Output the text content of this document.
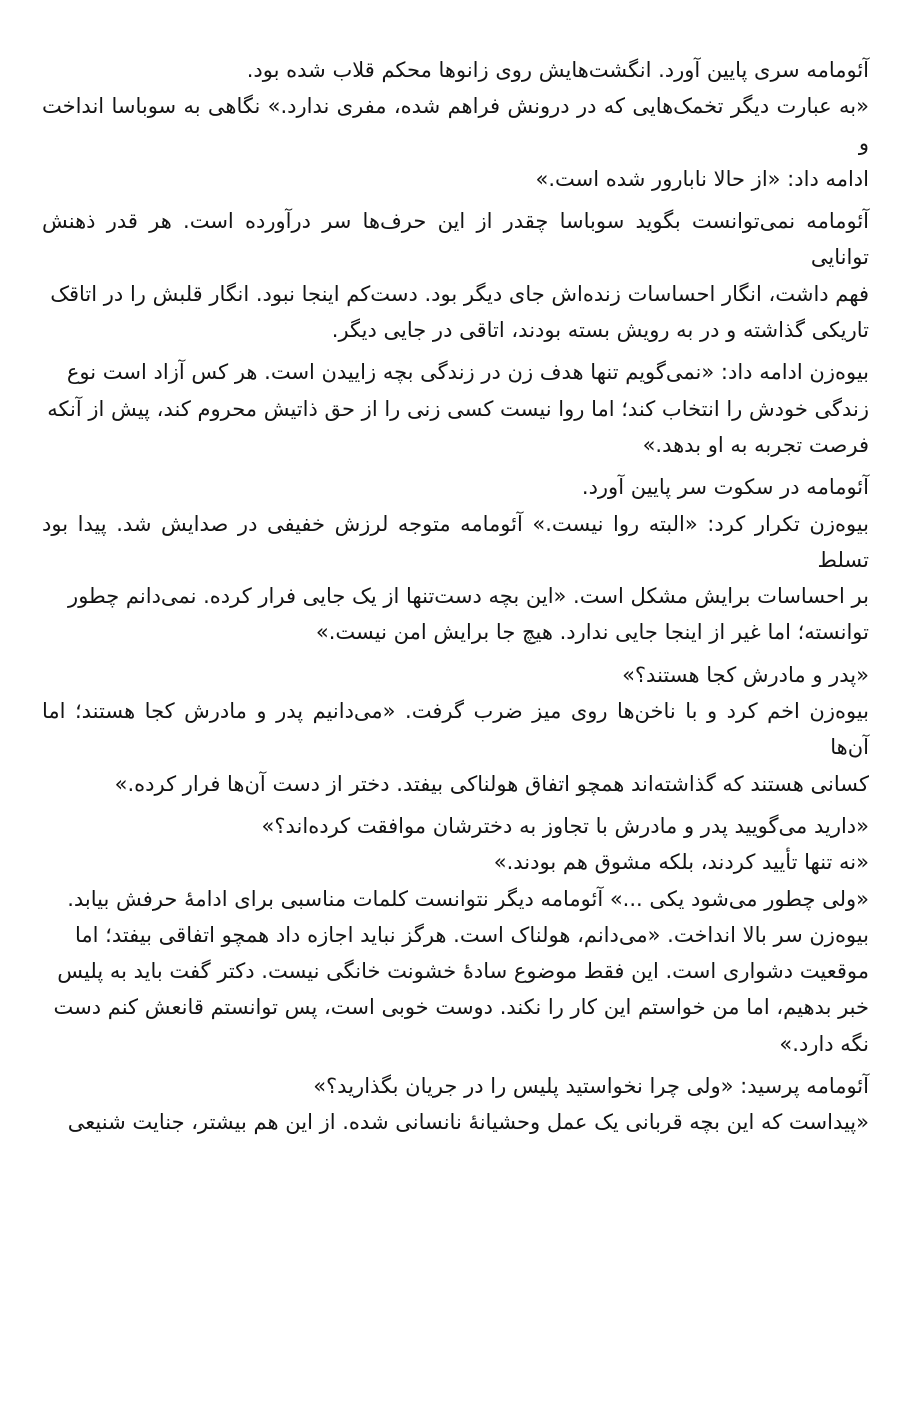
آئومامه سری پایین آورد. انگشت‌هایش روی زانوها محکم قلاب شده بود.
«به عبارت دیگر تخمک‌هایی که در درونش فراهم شده، مفری ندارد.» نگاهی به سوباسا انداخت و
ادامه داد: «از حالا نابارور شده است.»
آئومامه نمی‌توانست بگوید سوباسا چقدر از این حرف‌ها سر درآورده است. هر قدر ذهنش توانایی
فهم داشت، انگار احساسات زنده‌اش جای دیگر بود. دست‌کم اینجا نبود. انگار قلبش را در اتاقک
تاریکی گذاشته و در به رویش بسته بودند، اتاقی در جایی دیگر.
بیوه‌زن ادامه داد: «نمی‌گویم تنها هدف زن در زندگی بچه زاییدن است. هر کس آزاد است نوع
زندگی خودش را انتخاب کند؛ اما روا نیست کسی زنی را از حق ذاتیش محروم کند، پیش از آنکه
فرصت تجربه به او بدهد.»
آئومامه در سکوت سر پایین آورد.
بیوه‌زن تکرار کرد: «البته روا نیست.» آئومامه متوجه لرزش خفیفی در صدایش شد. پیدا بود تسلط
بر احساسات برایش مشکل است. «این بچه دست‌تنها از یک جایی فرار کرده. نمی‌دانم چطور
توانسته؛ اما غیر از اینجا جایی ندارد. هیچ جا برایش امن نیست.»
«پدر و مادرش کجا هستند؟»
بیوه‌زن اخم کرد و با ناخن‌ها روی میز ضرب گرفت. «می‌دانیم پدر و مادرش کجا هستند؛ اما آن‌ها
کسانی هستند که گذاشته‌اند همچو اتفاق هولناکی بیفتد. دختر از دست آن‌ها فرار کرده.»
«دارید می‌گویید پدر و مادرش با تجاوز به دخترشان موافقت کرده‌اند؟»
«نه تنها تأیید کردند، بلکه مشوق هم بودند.»
«ولی چطور می‌شود یکی ...» آئومامه دیگر نتوانست کلمات مناسبی برای ادامهٔ حرفش بیابد.
بیوه‌زن سر بالا انداخت. «می‌دانم، هولناک است. هرگز نباید اجازه داد همچو اتفاقی بیفتد؛ اما
موقعیت دشواری است. این فقط موضوع سادهٔ خشونت خانگی نیست. دکتر گفت باید به پلیس
خبر بدهیم، اما من خواستم این کار را نکند. دوست خوبی است، پس توانستم قانعش کنم دست
نگه دارد.»
آئومامه پرسید: «ولی چرا نخواستید پلیس را در جریان بگذارید؟»
«پیداست که این بچه قربانی یک عمل وحشیانهٔ نانسانی شده. از این هم بیشتر، جنایت شنیعی
